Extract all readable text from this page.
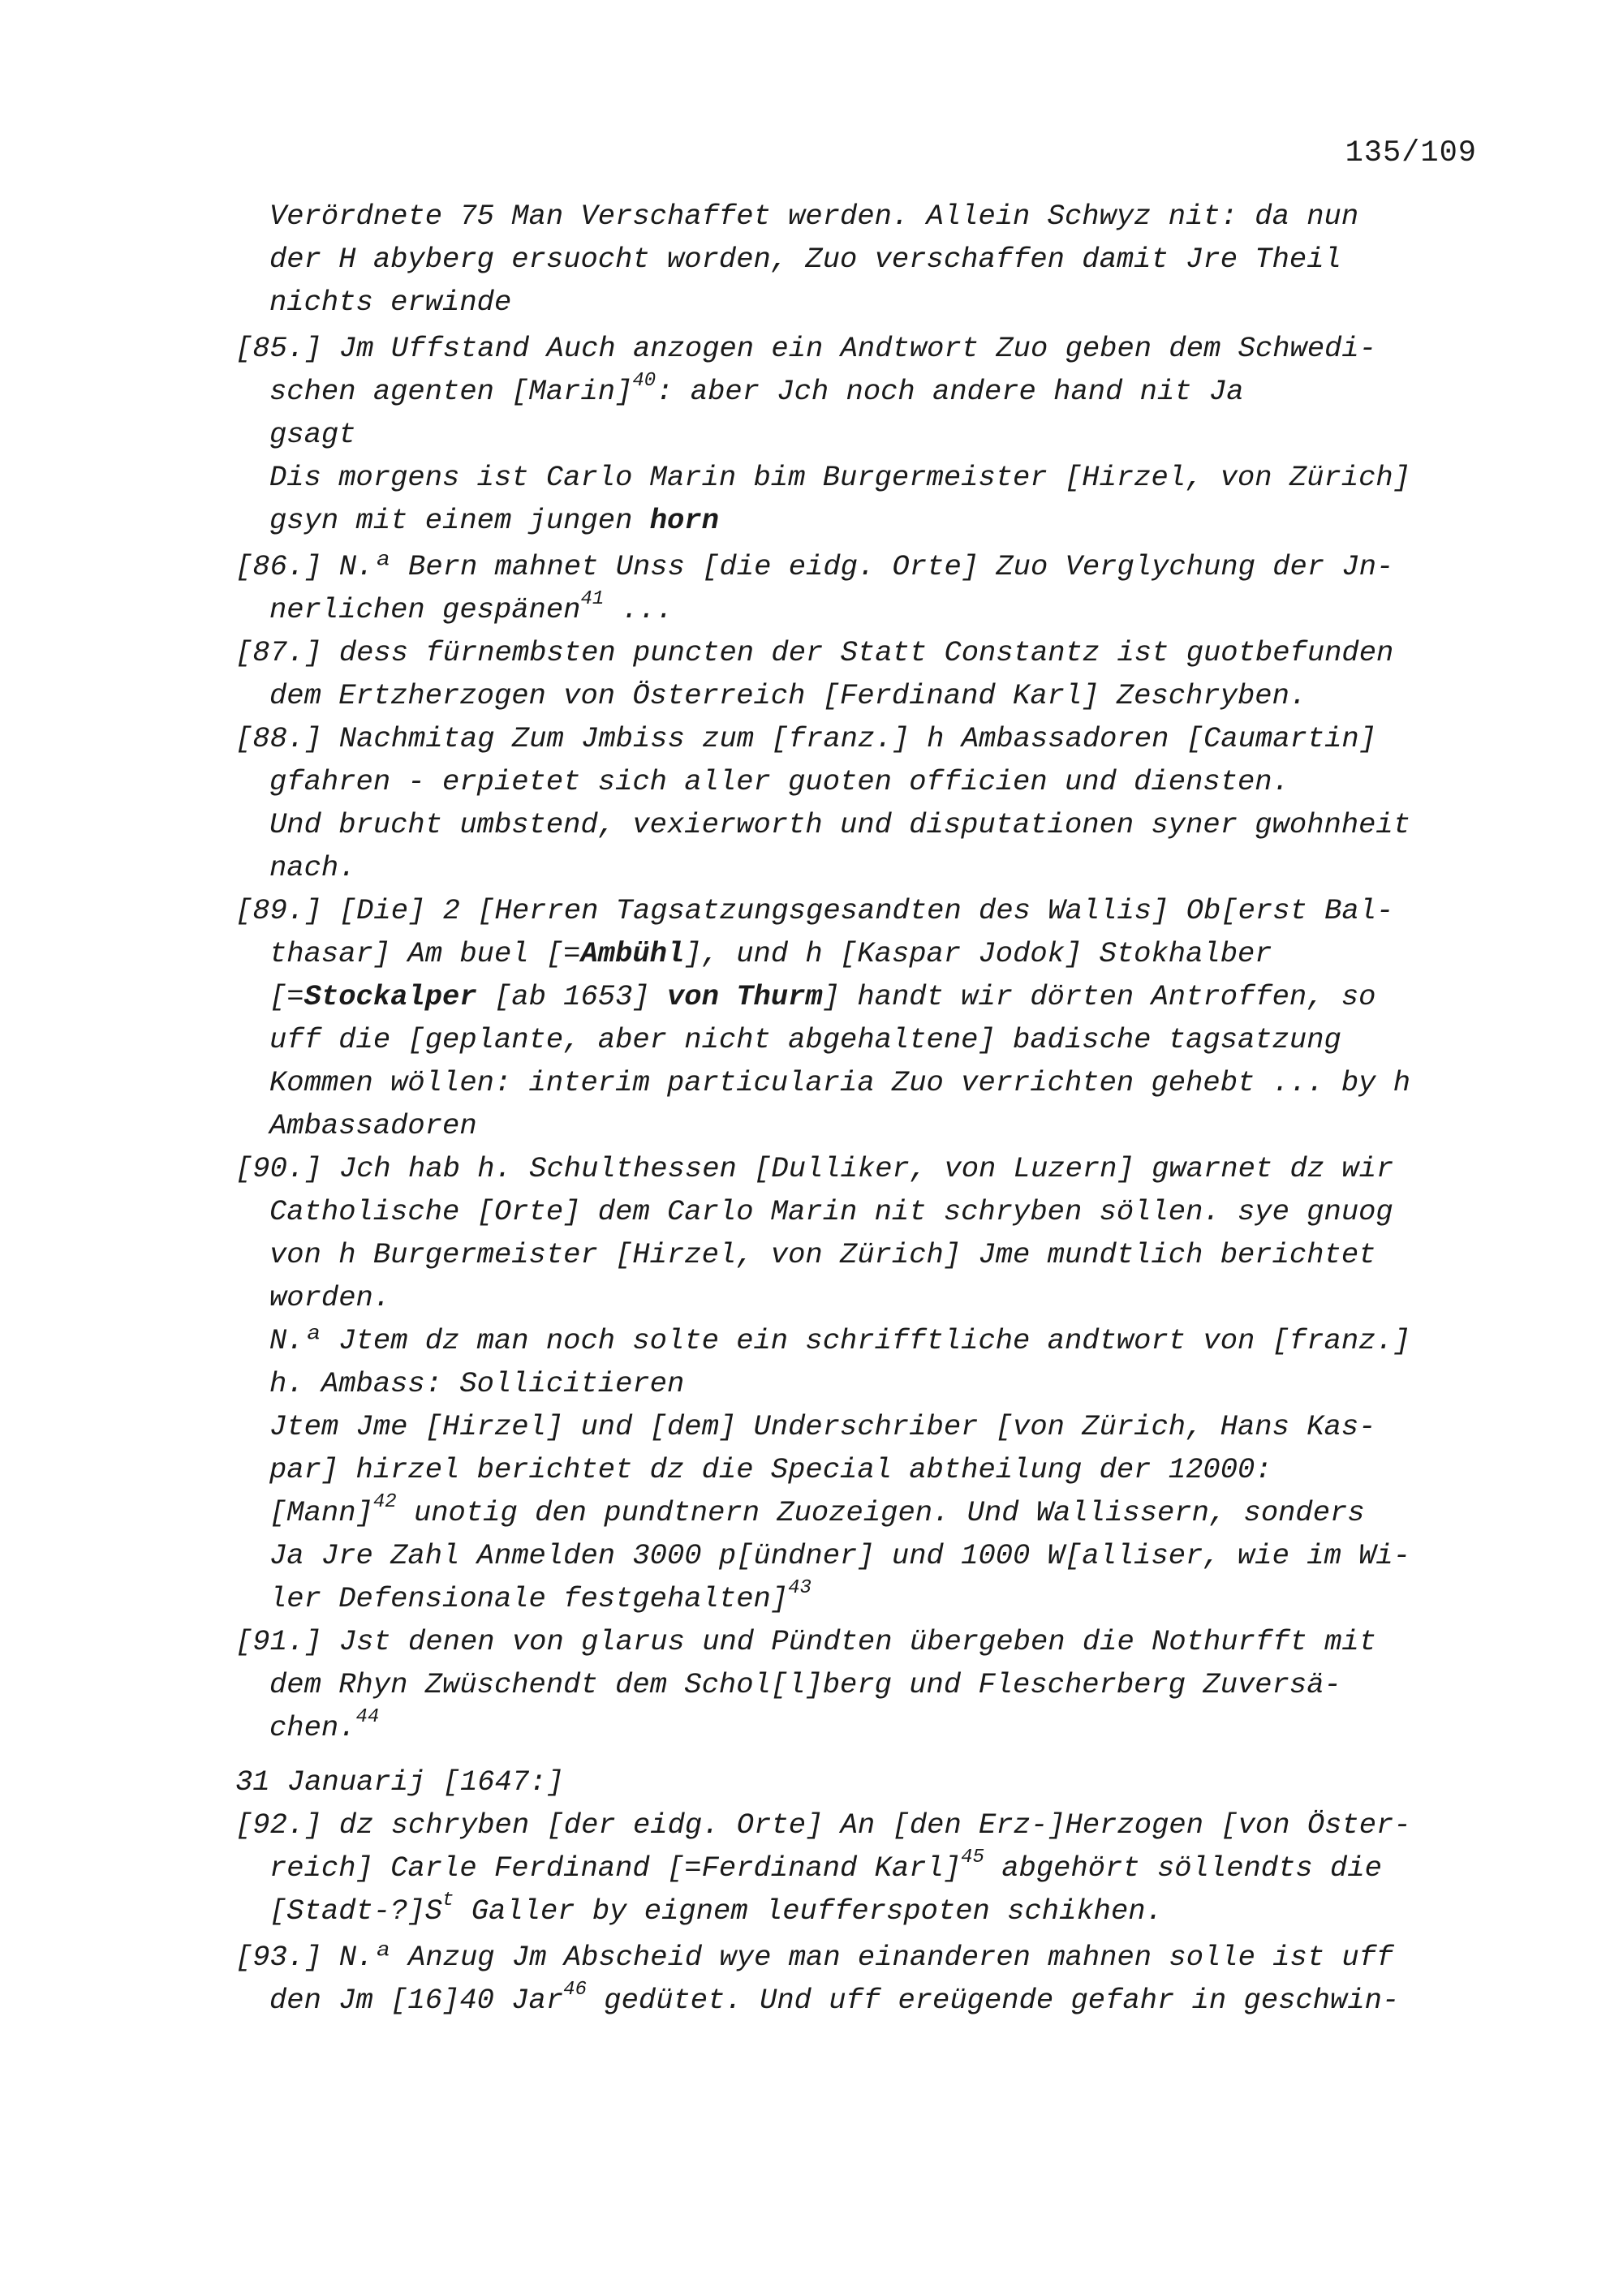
135/109
Verördnete 75 Man Verschaffet werden. Allein Schwyz nit: da nun
der H abyberg ersuocht worden, Zuo verschaffen damit Jre Theil
nichts erwinde
[85.] Jm Uffstand Auch anzogen ein Andtwort Zuo geben dem Schwedi-
schen agenten [Marin]$^{40}$: aber Jch noch andere hand nit Ja
gsagt
Dis morgens ist Carlo Marin bim Burgermeister [Hirzel, von Zürich]
gsyn mit einem jungen horn
[86.] N.ª Bern mahnet Unss [die eidg. Orte] Zuo Verglychung der Jn-
nerlichen gespänen$^{41}$ ...
[87.] dess fürnembsten puncten der Statt Constantz ist guotbefunden
dem Ertzherzogen von Österreich [Ferdinand Karl] Zeschryben.
[88.] Nachmitag Zum Jmbiss zum [franz.] h Ambassadoren [Caumartin]
gfahren - erpietet sich aller guoten officien und diensten.
Und brucht umbstend, vexierworth und disputationen syner gwohnheit
nach.
[89.] [Die] 2 [Herren Tagsatzungsgesandten des Wallis] Ob[erst Bal-
thasar] Am buel [=Ambühl], und h [Kaspar Jodok] Stokhalber
[=Stockalper [ab 1653] von Thurm] handt wir dörten Antroffen, so
uff die [geplante, aber nicht abgehaltene] badische tagsatzung
Kommen wöllen: interim particularia Zuo verrichten gehebt ... by h
Ambassadoren
[90.] Jch hab h. Schulthessen [Dulliker, von Luzern] gwarnet dz wir
Catholische [Orte] dem Carlo Marin nit schryben söllen. sye gnuog
von h Burgermeister [Hirzel, von Zürich] Jme mundtlich berichtet
worden.
N.ª Jtem dz man noch solte ein schrifftliche andtwort von [franz.]
h. Ambass: Sollicitieren
Jtem Jme [Hirzel] und [dem] Underschriber [von Zürich, Hans Kas-
par] hirzel berichtet dz die Special abtheilung der 12000:
[Mann]$^{42}$ unotig den pundtnern Zuozeigen. Und Wallissern, sonders
Ja Jre Zahl Anmelden 3000 p[ündner] und 1000 W[alliser, wie im Wi-
ler Defensionale festgehalten]$^{43}$
[91.] Jst denen von glarus und Pündten übergeben die Nothurfft mit
dem Rhyn Zwüschendt dem Schol[l]berg und Flescherberg Zuversä-
chen.$^{44}$
31 Januarij [1647:]
[92.] dz schryben [der eidg. Orte] An [den Erz-]Herzogen [von Öster-
reich] Carle Ferdinand [=Ferdinand Karl]$^{45}$ abgehört söllendts die
$[Stadt-?]S^t$ Galler by eignem leufferspoten schikhen.
[93.] N.ª Anzug Jm Abscheid wye man einanderen mahnen solle ist uff
den Jm [16]40 Jar$^{46}$ gedütet. Und uff ereügende gefahr in geschwin-
